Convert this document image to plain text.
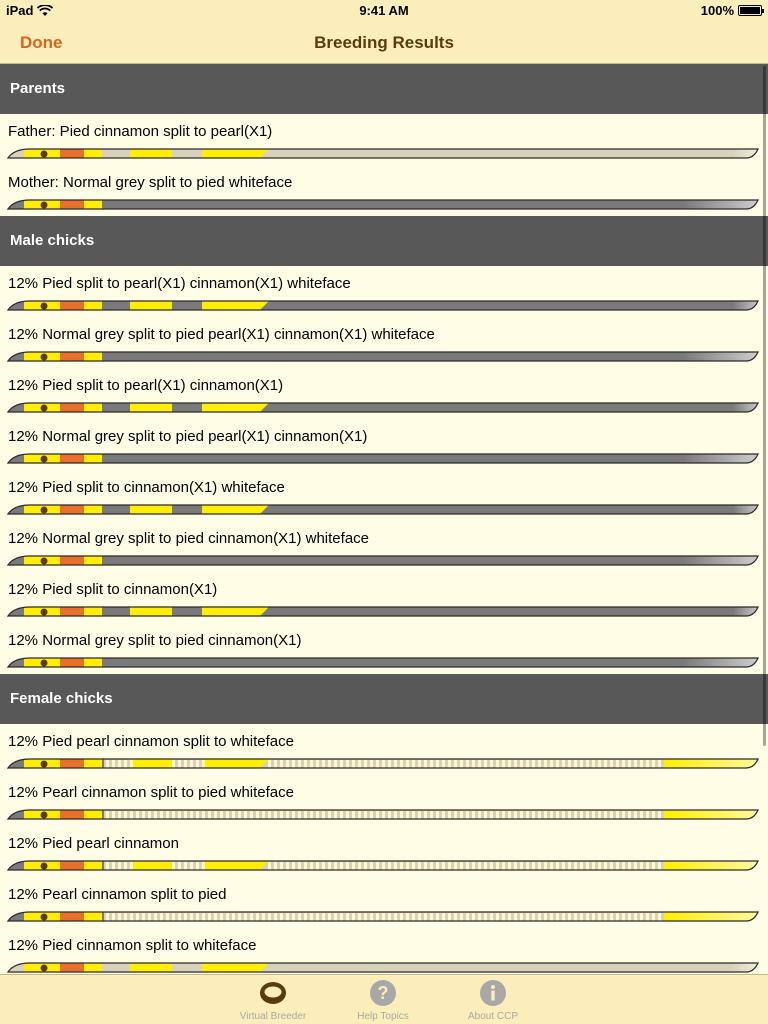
iPad	9:41 AM	100%
Done	Breeding Results
Parents
Father: Pied cinnamon split to pearl(X1)
Mother: Normal grey split to pied whiteface
Male chicks
12% Pied split to pearl(X1) cinnamon(X1) whiteface
12% Normal grey split to pied pearl(X1) cinnamon(X1) whiteface
12% Pied split to pearl(X1) cinnamon(X1)
12% Normal grey split to pied pearl(X1) cinnamon(X1)
12% Pied split to cinnamon(X1) whiteface
12% Normal grey split to pied cinnamon(X1) whiteface
12% Pied split to cinnamon(X1)
12% Normal grey split to pied cinnamon(X1)
Female chicks
12% Pied pearl cinnamon split to whiteface
12% Pearl cinnamon split to pied whiteface
12% Pied pearl cinnamon
12% Pearl cinnamon split to pied
12% Pied cinnamon split to whiteface
Virtual Breeder
?
Help Topics	About CCP
